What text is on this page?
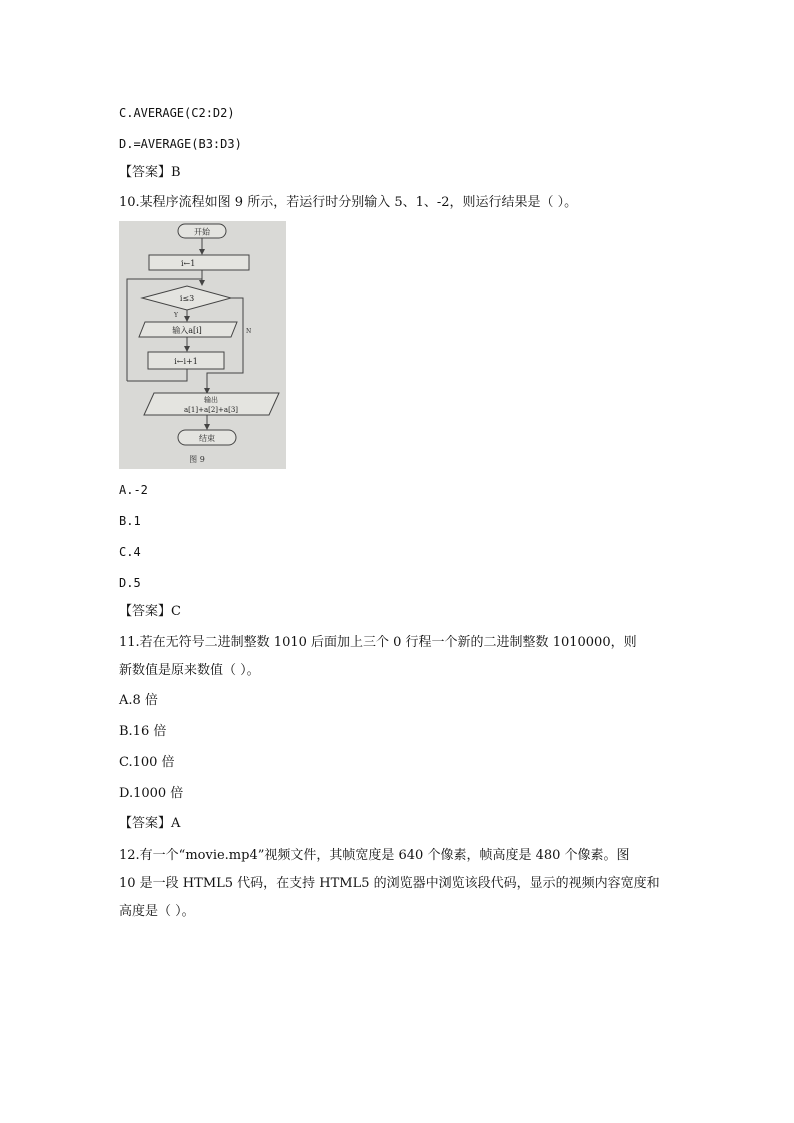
C.AVERAGE(C2:D2)
D.=AVERAGE(B3:D3)
【答案】B
10.某程序流程如图 9 所示，若运行时分别输入 5、1、-2，则运行结果是（ ）。
开始
i←1
i≤3
Y
N
输入a[i]
i←i+1
输出
a[1]+a[2]+a[3]
结束
图 9
A.-2
B.1
C.4
D.5
【答案】C
11.若在无符号二进制整数 1010 后面加上三个 0 行程一个新的二进制整数 1010000，则
新数值是原来数值（ ）。
A.8 倍
B.16 倍
C.100 倍
D.1000 倍
【答案】A
12.有一个“movie.mp4”视频文件，其帧宽度是 640 个像素，帧高度是 480 个像素。图
10 是一段 HTML5 代码，在支持 HTML5 的浏览器中浏览该段代码，显示的视频内容宽度和
高度是（ ）。
